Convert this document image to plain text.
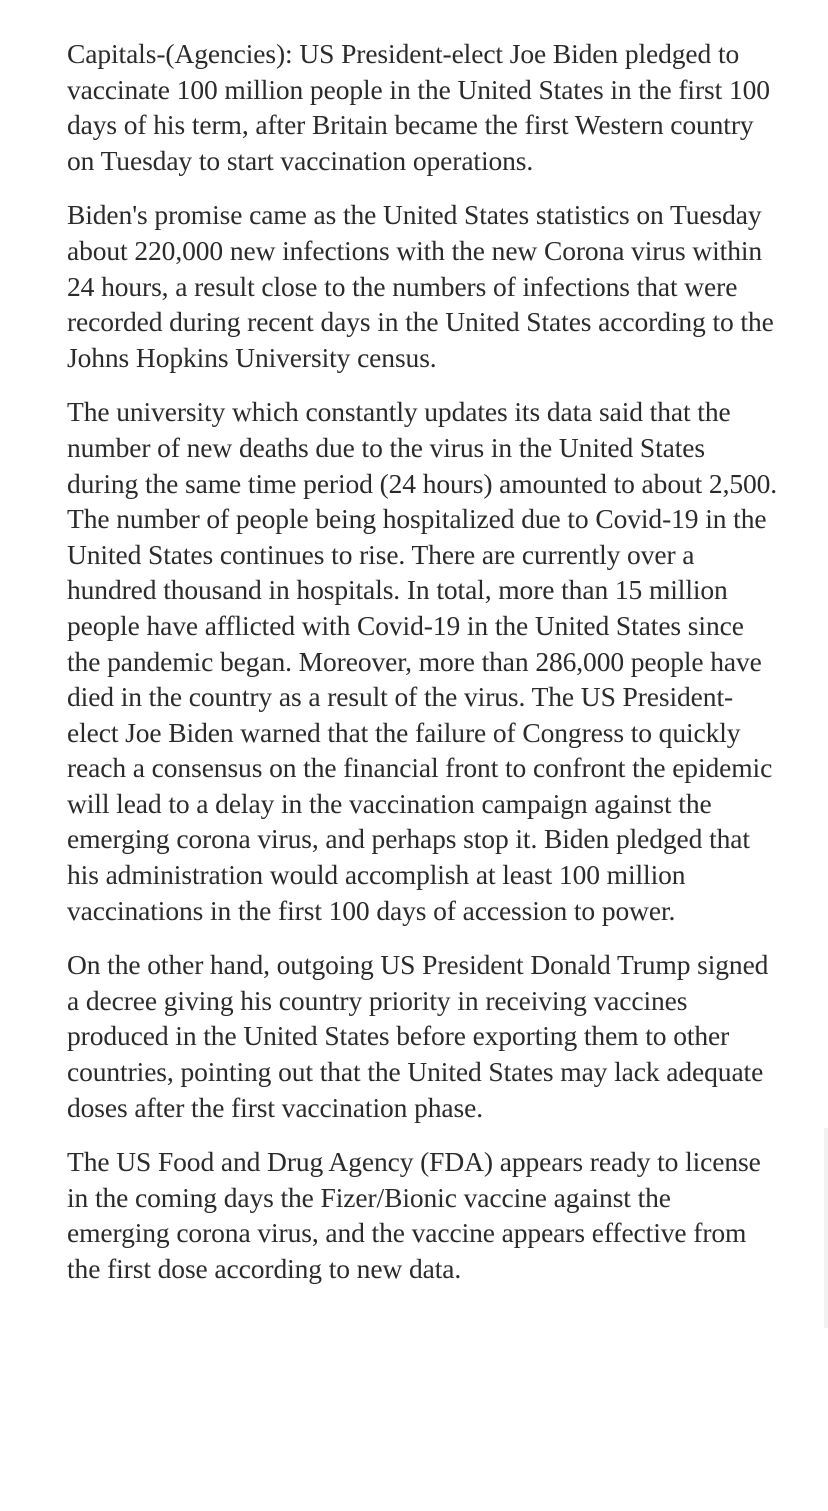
Capitals-(Agencies): US President-elect Joe Biden pledged to vaccinate 100 million people in the United States in the first 100 days of his term, after Britain became the first Western country on Tuesday to start vaccination operations.

Biden's promise came as the United States statistics on Tuesday about 220,000 new infections with the new Corona virus within 24 hours, a result close to the numbers of infections that were recorded during recent days in the United States according to the Johns Hopkins University census.

The university which constantly updates its data said that the number of new deaths due to the virus in the United States during the same time period (24 hours) amounted to about 2,500. The number of people being hospitalized due to Covid-19 in the United States continues to rise. There are currently over a hundred thousand in hospitals. In total, more than 15 million people have afflicted with Covid-19 in the United States since the pandemic began. Moreover, more than 286,000 people have died in the country as a result of the virus. The US President-elect Joe Biden warned that the failure of Congress to quickly reach a consensus on the financial front to confront the epidemic will lead to a delay in the vaccination campaign against the emerging corona virus, and perhaps stop it. Biden pledged that his administration would accomplish at least 100 million vaccinations in the first 100 days of accession to power.

On the other hand, outgoing US President Donald Trump signed a decree giving his country priority in receiving vaccines produced in the United States before exporting them to other countries, pointing out that the United States may lack adequate doses after the first vaccination phase.

The US Food and Drug Agency (FDA) appears ready to license in the coming days the Fizer/Bionic vaccine against the emerging corona virus, and the vaccine appears effective from the first dose according to new data.
